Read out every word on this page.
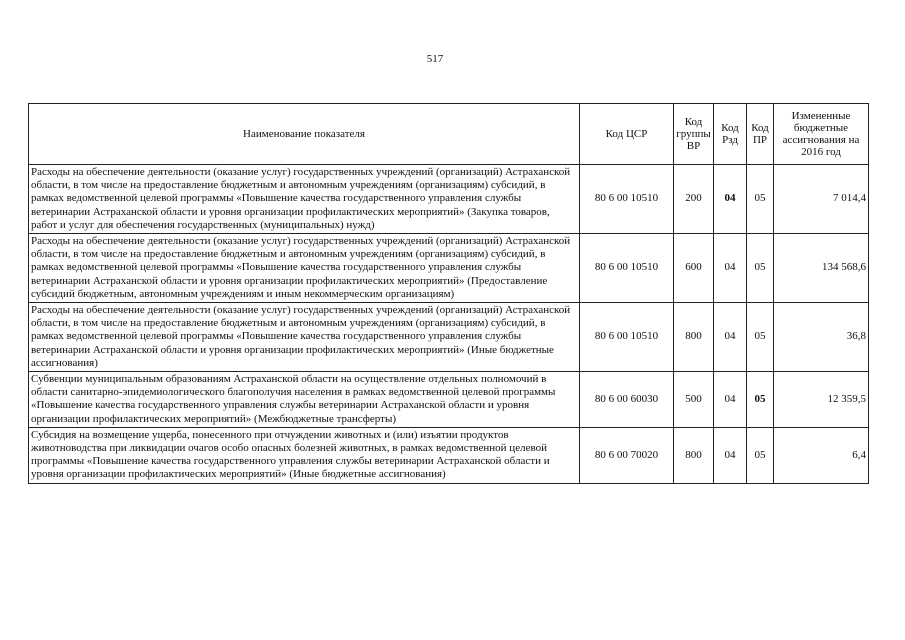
517
Наименование показателя	Код ЦСР	Код группы ВР	Код Рзд	Код ПР	Измененные бюджетные ассигнования на 2016 год
Расходы на обеспечение деятельности (оказание услуг) государственных учреждений (организаций) Астраханской области, в том числе на предоставление бюджетным и автономным учреждениям (организациям) субсидий, в рамках ведомственной целевой программы «Повышение качества государственного управления службы ветеринарии Астраханской области и уровня организации профилактических мероприятий» (Закупка товаров, работ и услуг для обеспечения государственных (муниципальных) нужд)	80 6 00 10510	200	04	05	7 014,4
Расходы на обеспечение деятельности (оказание услуг) государственных учреждений (организаций) Астраханской области, в том числе на предоставление бюджетным и автономным учреждениям (организациям) субсидий, в рамках ведомственной целевой программы «Повышение качества государственного управления службы ветеринарии Астраханской области и уровня организации профилактических мероприятий» (Предоставление субсидий бюджетным, автономным учреждениям и иным некоммерческим организациям)	80 6 00 10510	600	04	05	134 568,6
Расходы на обеспечение деятельности (оказание услуг) государственных учреждений (организаций) Астраханской области, в том числе на предоставление бюджетным и автономным учреждениям (организациям) субсидий, в рамках ведомственной целевой программы «Повышение качества государственного управления службы ветеринарии Астраханской области и уровня организации профилактических мероприятий» (Иные бюджетные ассигнования)	80 6 00 10510	800	04	05	36,8
Субвенции муниципальным образованиям Астраханской области на осуществление отдельных полномочий в области санитарно-эпидемиологического благополучия населения в рамках ведомственной целевой программы «Повышение качества государственного управления службы ветеринарии Астраханской области и уровня организации профилактических мероприятий» (Межбюджетные трансферты)	80 6 00 60030	500	04	05	12 359,5
Субсидия на возмещение ущерба, понесенного при отчуждении животных и (или) изъятии продуктов животноводства при ликвидации очагов особо опасных болезней животных, в рамках ведомственной целевой программы «Повышение качества государственного управления службы ветеринарии Астраханской области и уровня организации профилактических мероприятий» (Иные бюджетные ассигнования)	80 6 00 70020	800	04	05	6,4
